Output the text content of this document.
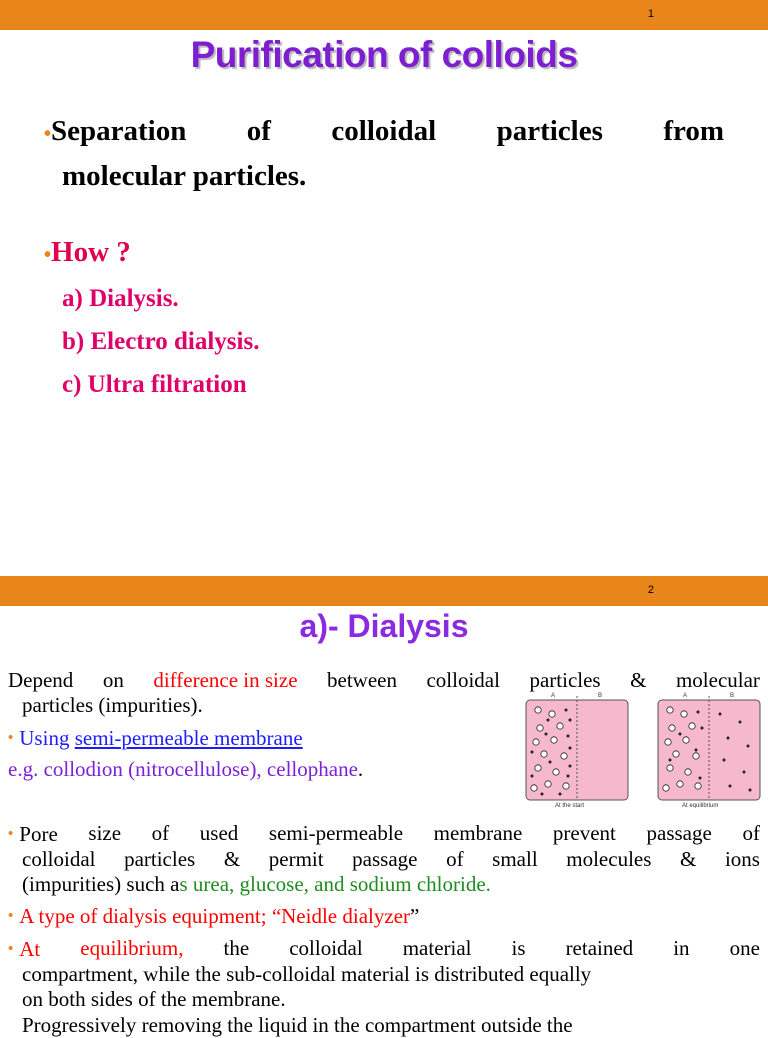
1
Purification of colloids
•Separation of colloidal particles from
molecular particles.
•How ?
a) Dialysis.
b) Electro dialysis.
c) Ultra filtration
2
a)- Dialysis
Depend on difference in size between colloidal particles & molecular
particles (impurities).
• Using semi-permeable membrane
e.g. collodion (nitrocellulose), cellophane.
A	B
At the start
A	B
At equilibrium
• Pore size of used semi-permeable membrane prevent passage of
colloidal particles & permit passage of small molecules & ions
(impurities) such as urea, glucose, and sodium chloride.
• A type of dialysis equipment; “Neidle dialyzer”
• At equilibrium, the colloidal material is retained in one
compartment, while the sub-colloidal material is distributed equally
on both sides of the membrane.
Progressively removing the liquid in the compartment outside the
